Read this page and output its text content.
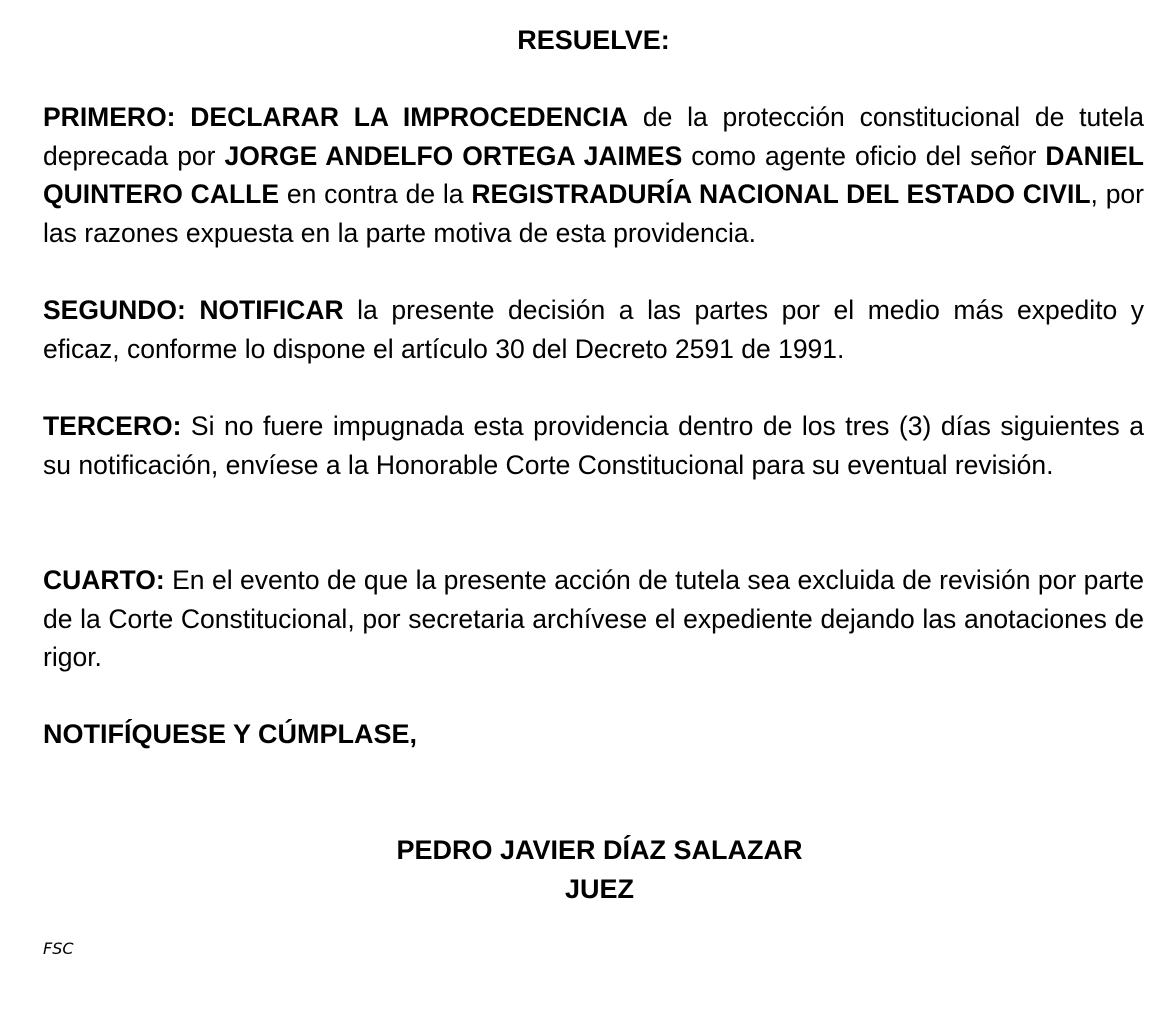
RESUELVE:

PRIMERO: DECLARAR LA IMPROCEDENCIA de la protección constitucional de tutela deprecada por JORGE ANDELFO ORTEGA JAIMES como agente oficio del señor DANIEL QUINTERO CALLE en contra de la REGISTRADURÍA NACIONAL DEL ESTADO CIVIL, por las razones expuesta en la parte motiva de esta providencia.

SEGUNDO: NOTIFICAR la presente decisión a las partes por el medio más expedito y eficaz, conforme lo dispone el artículo 30 del Decreto 2591 de 1991.

TERCERO: Si no fuere impugnada esta providencia dentro de los tres (3) días siguientes a su notificación, envíese a la Honorable Corte Constitucional para su eventual revisión.

CUARTO: En el evento de que la presente acción de tutela sea excluida de revisión por parte de la Corte Constitucional, por secretaria archívese el expediente dejando las anotaciones de rigor.

NOTIFÍQUESE Y CÚMPLASE,

PEDRO JAVIER DÍAZ SALAZAR

JUEZ

FSC
